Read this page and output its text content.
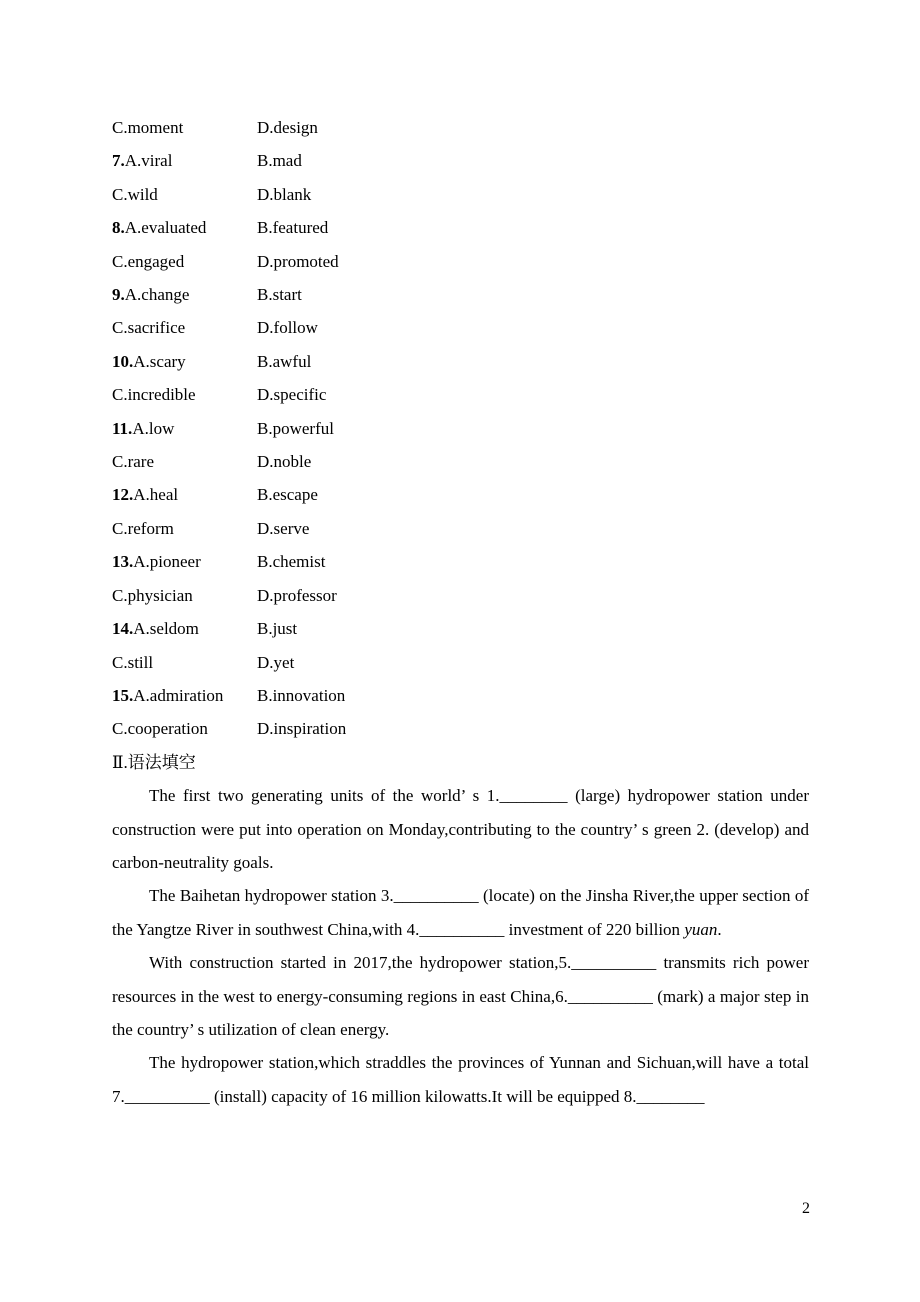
C.moment	D.design
7.A.viral	B.mad
C.wild	D.blank
8.A.evaluated	B.featured
C.engaged	D.promoted
9.A.change	B.start
C.sacrifice	D.follow
10.A.scary	B.awful
C.incredible	D.specific
11.A.low	B.powerful
C.rare	D.noble
12.A.heal	B.escape
C.reform	D.serve
13.A.pioneer	B.chemist
C.physician	D.professor
14.A.seldom	B.just
C.still	D.yet
15.A.admiration	B.innovation
C.cooperation	D.inspiration
Ⅱ.语法填空

The first two generating units of the world’ s 1.________ (large) hydropower station under construction were put into operation on Monday,contributing to the country’ s green 2. (develop) and carbon-neutrality goals.

The Baihetan hydropower station 3.__________ (locate) on the Jinsha River,the upper section of the Yangtze River in southwest China,with 4.__________ investment of 220 billion yuan.

With construction started in 2017,the hydropower station,5.__________ transmits rich power resources in the west to energy-consuming regions in east China,6.__________ (mark) a major step in the country’ s utilization of clean energy.

The hydropower station,which straddles the provinces of Yunnan and Sichuan,will have a total 7.__________ (install) capacity of 16 million kilowatts.It will be equipped 8.________

2
